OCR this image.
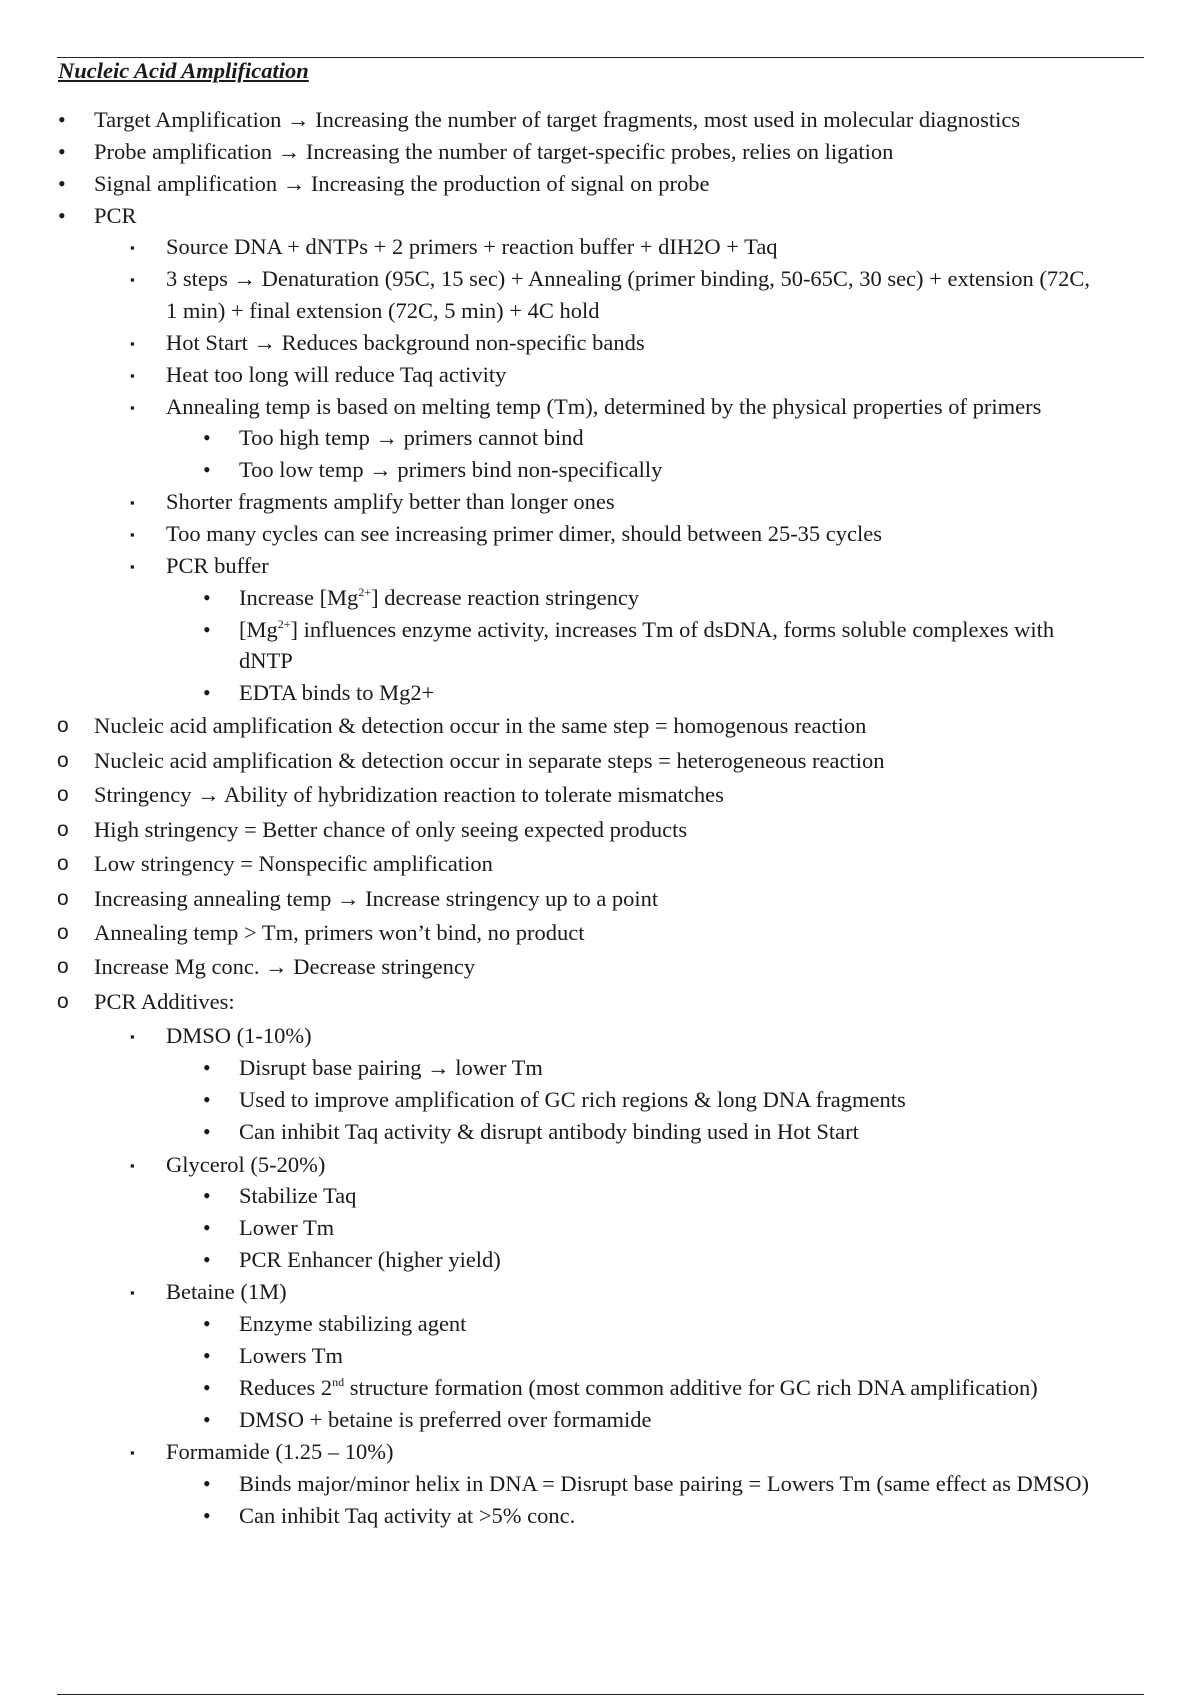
Nucleic Acid Amplification
• Target Amplification → Increasing the number of target fragments, most used in molecular diagnostics
• Probe amplification → Increasing the number of target-specific probes, relies on ligation
• Signal amplification → Increasing the production of signal on probe
• PCR
▪ Source DNA + dNTPs + 2 primers + reaction buffer + dIH2O + Taq
▪ 3 steps → Denaturation (95C, 15 sec) + Annealing (primer binding, 50-65C, 30 sec) + extension (72C,
1 min) + final extension (72C, 5 min) + 4C hold
▪ Hot Start → Reduces background non-specific bands
▪ Heat too long will reduce Taq activity
▪ Annealing temp is based on melting temp (Tm), determined by the physical properties of primers
• Too high temp → primers cannot bind
• Too low temp → primers bind non-specifically
▪ Shorter fragments amplify better than longer ones
▪ Too many cycles can see increasing primer dimer, should between 25-35 cycles
▪ PCR buffer
• Increase $[Mg^{2+}]$ decrease reaction stringency
• $[Mg^{2+}]$ influences enzyme activity, increases Tm of dsDNA, forms soluble complexes with
dNTP
• EDTA binds to Mg2+
o Nucleic acid amplification & detection occur in the same step = homogenous reaction
o Nucleic acid amplification & detection occur in separate steps = heterogeneous reaction
o Stringency → Ability of hybridization reaction to tolerate mismatches
o High stringency = Better chance of only seeing expected products
o Low stringency = Nonspecific amplification
o Increasing annealing temp → Increase stringency up to a point
o Annealing temp > Tm, primers won’t bind, no product
o Increase Mg conc. → Decrease stringency
o PCR Additives:
▪ DMSO (1-10%)
• Disrupt base pairing → lower Tm
• Used to improve amplification of GC rich regions & long DNA fragments
• Can inhibit Taq activity & disrupt antibody binding used in Hot Start
▪ Glycerol (5-20%)
• Stabilize Taq
• Lower Tm
• PCR Enhancer (higher yield)
▪ Betaine (1M)
• Enzyme stabilizing agent
• Lowers Tm
• Reduces 2nd structure formation (most common additive for GC rich DNA amplification)
• DMSO + betaine is preferred over formamide
▪ Formamide (1.25 – 10%)
• Binds major/minor helix in DNA = Disrupt base pairing = Lowers Tm (same effect as DMSO)
• Can inhibit Taq activity at >5% conc.
